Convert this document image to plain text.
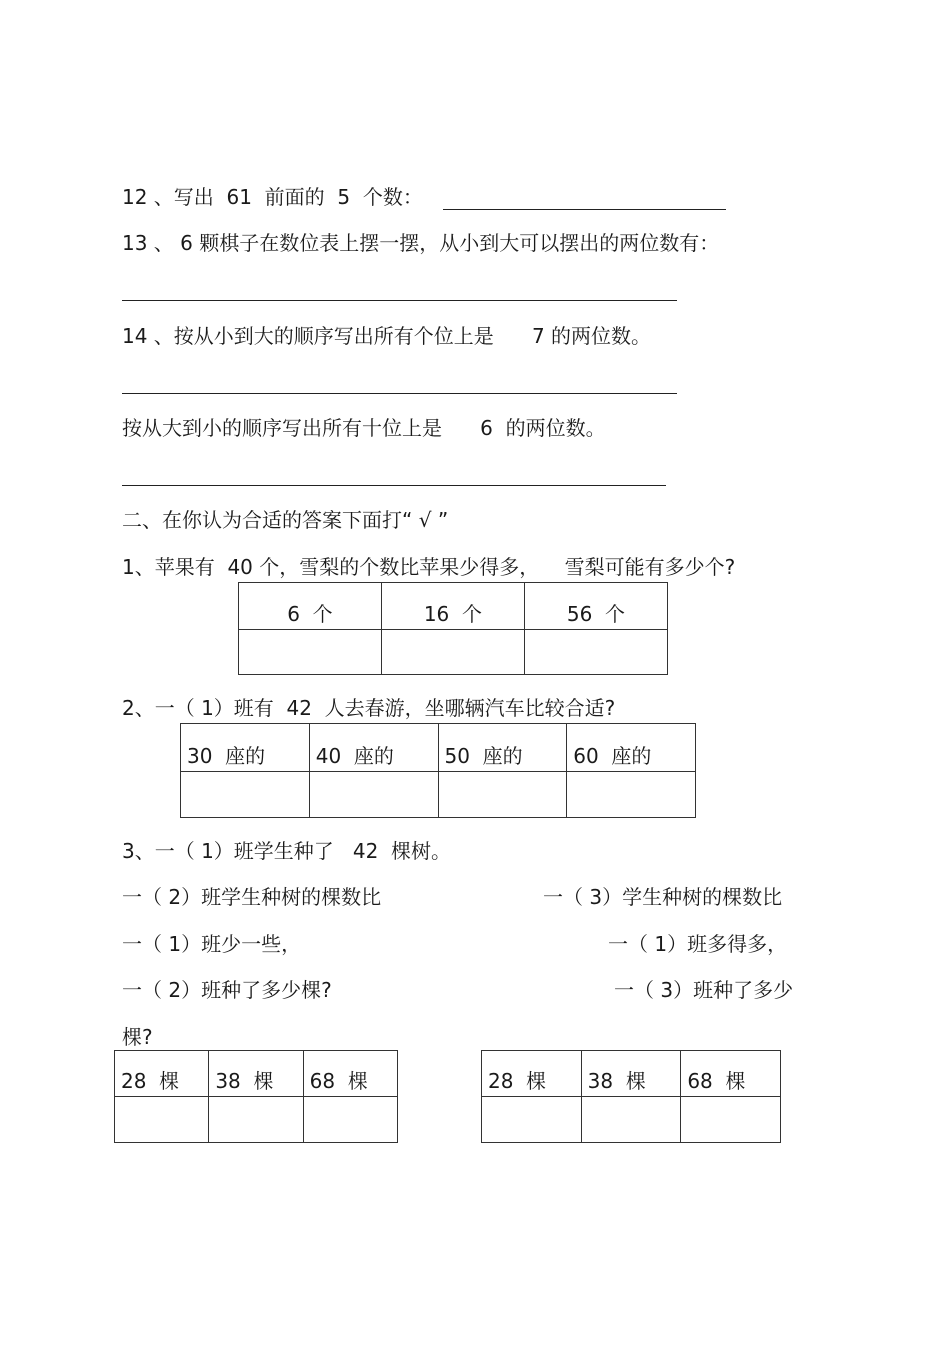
12 、写出  61  前面的  5  个数：
13 、 6 颗棋子在数位表上摆一摆，从小到大可以摆出的两位数有：
14 、按从小到大的顺序写出所有个位上是      7 的两位数。
按从大到小的顺序写出所有十位上是      6  的两位数。
二、在你认为合适的答案下面打“ √ ”
1、苹果有  40 个，雪梨的个数比苹果少得多，    雪梨可能有多少个?
6  个	16  个	56  个

2、一（ 1）班有  42  人去春游，坐哪辆汽车比较合适?
30  座的	40  座的	50  座的	60  座的

3、一（ 1）班学生种了   42  棵树。
一（ 2）班学生种树的棵数比	一（ 3）学生种树的棵数比
一（ 1）班少一些，	一（ 1）班多得多，
一（ 2）班种了多少棵?	一（ 3）班种了多少
棵?
28  棵	38  棵	68  棵
			28  棵	38  棵	68  棵
